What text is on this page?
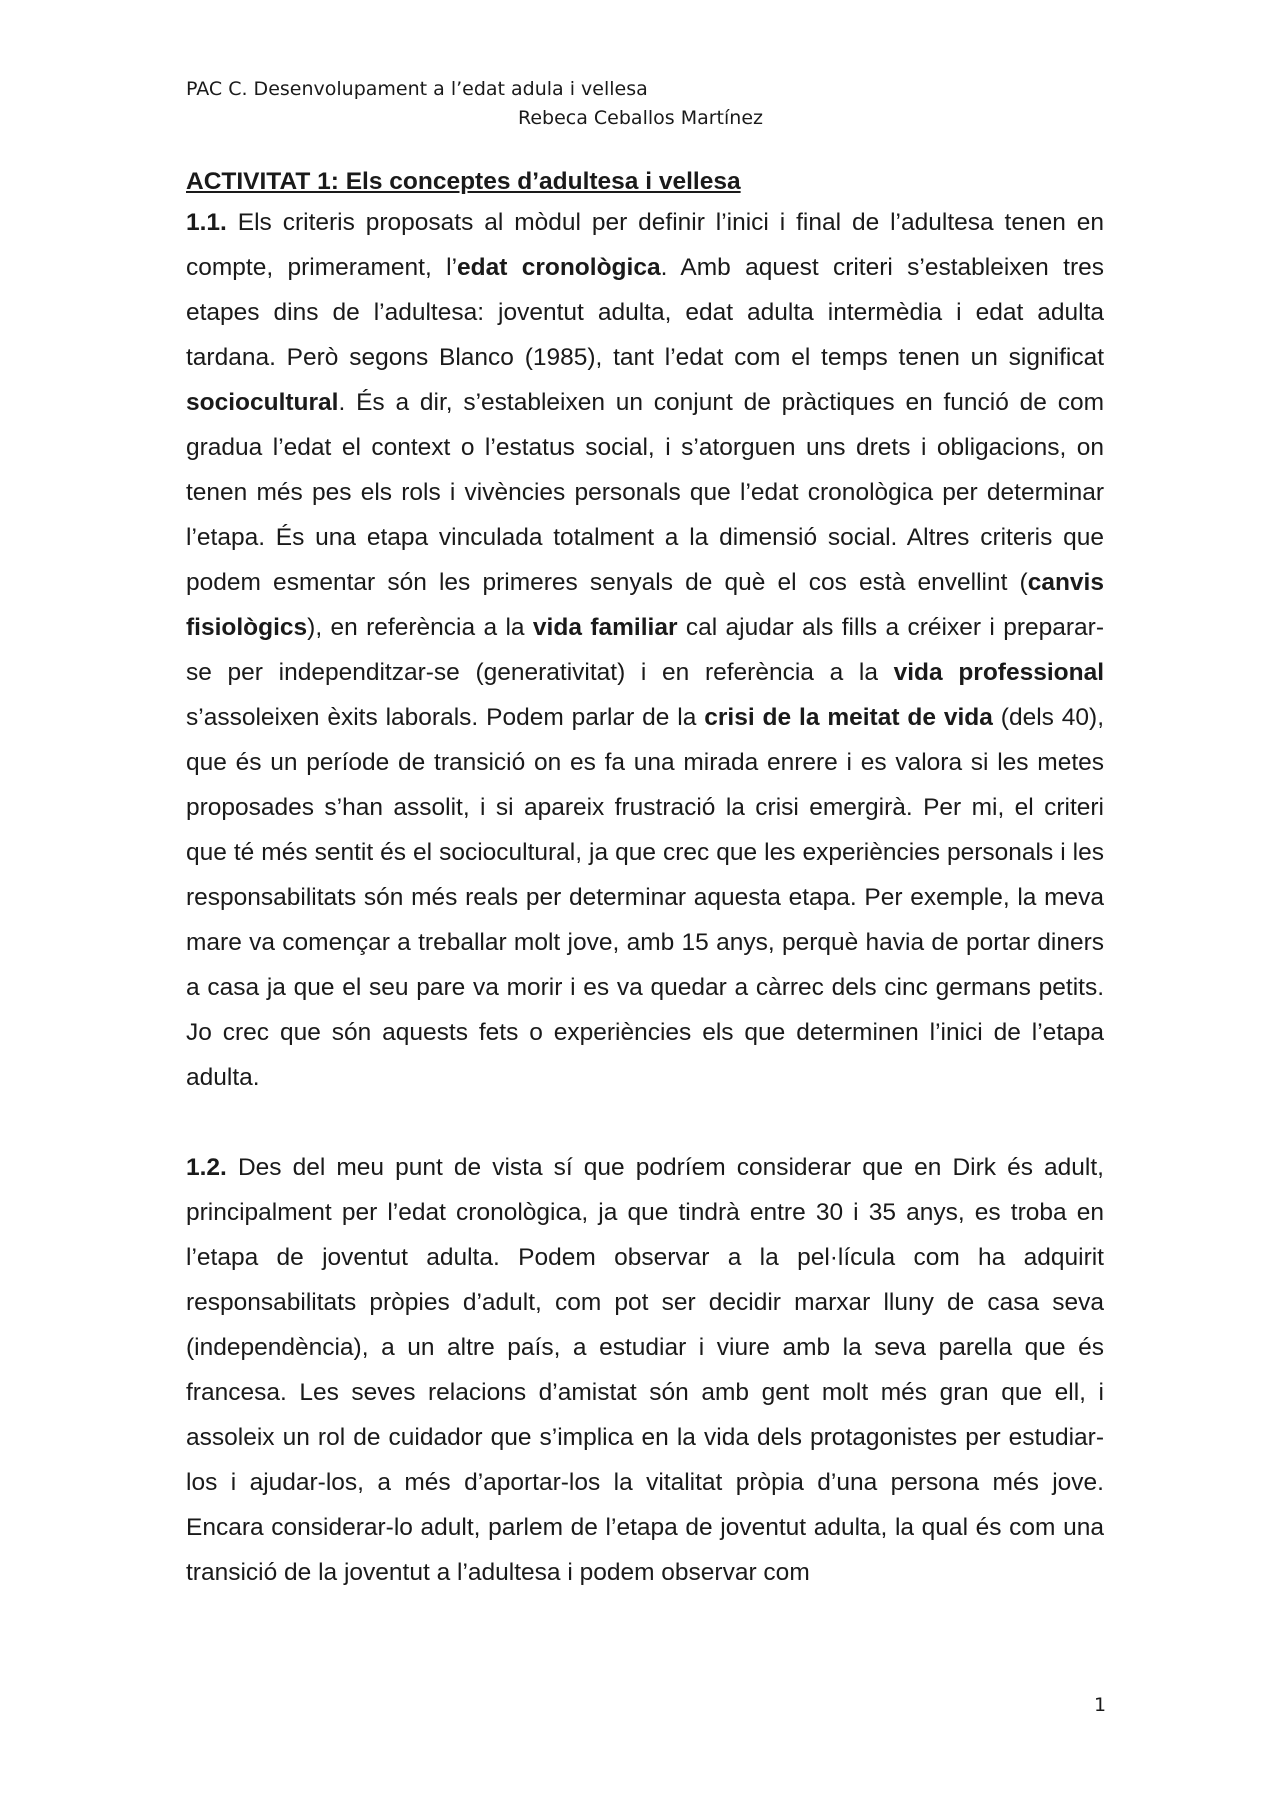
PAC C. Desenvolupament a l’edat adula i vellesa
Rebeca Ceballos Martínez
ACTIVITAT 1: Els conceptes d’adultesa i vellesa

1.1. Els criteris proposats al mòdul per definir l’inici i final de l’adultesa tenen en compte, primerament, l’edat cronològica. Amb aquest criteri s’estableixen tres etapes dins de l’adultesa: joventut adulta, edat adulta intermèdia i edat adulta tardana. Però segons Blanco (1985), tant l’edat com el temps tenen un significat sociocultural. És a dir, s’estableixen un conjunt de pràctiques en funció de com gradua l’edat el context o l’estatus social, i s’atorguen uns drets i obligacions, on tenen més pes els rols i vivències personals que l’edat cronològica per determinar l’etapa. És una etapa vinculada totalment a la dimensió social. Altres criteris que podem esmentar són les primeres senyals de què el cos està envellint (canvis fisiològics), en referència a la vida familiar cal ajudar als fills a créixer i preparar-se per independitzar-se (generativitat) i en referència a la vida professional s’assoleixen èxits laborals. Podem parlar de la crisi de la meitat de vida (dels 40), que és un període de transició on es fa una mirada enrere i es valora si les metes proposades s’han assolit, i si apareix frustració la crisi emergirà. Per mi, el criteri que té més sentit és el sociocultural, ja que crec que les experiències personals i les responsabilitats són més reals per determinar aquesta etapa. Per exemple, la meva mare va començar a treballar molt jove, amb 15 anys, perquè havia de portar diners a casa ja que el seu pare va morir i es va quedar a càrrec dels cinc germans petits. Jo crec que són aquests fets o experiències els que determinen l’inici de l’etapa adulta.

1.2. Des del meu punt de vista sí que podríem considerar que en Dirk és adult, principalment per l’edat cronològica, ja que tindrà entre 30 i 35 anys, es troba en l’etapa de joventut adulta. Podem observar a la pel·lícula com ha adquirit responsabilitats pròpies d’adult, com pot ser decidir marxar lluny de casa seva (independència), a un altre país, a estudiar i viure amb la seva parella que és francesa. Les seves relacions d’amistat són amb gent molt més gran que ell, i assoleix un rol de cuidador que s’implica en la vida dels protagonistes per estudiar-los i ajudar-los, a més d’aportar-los la vitalitat pròpia d’una persona més jove. Encara considerar-lo adult, parlem de l’etapa de joventut adulta, la qual és com una transició de la joventut a l’adultesa i podem observar com

1
